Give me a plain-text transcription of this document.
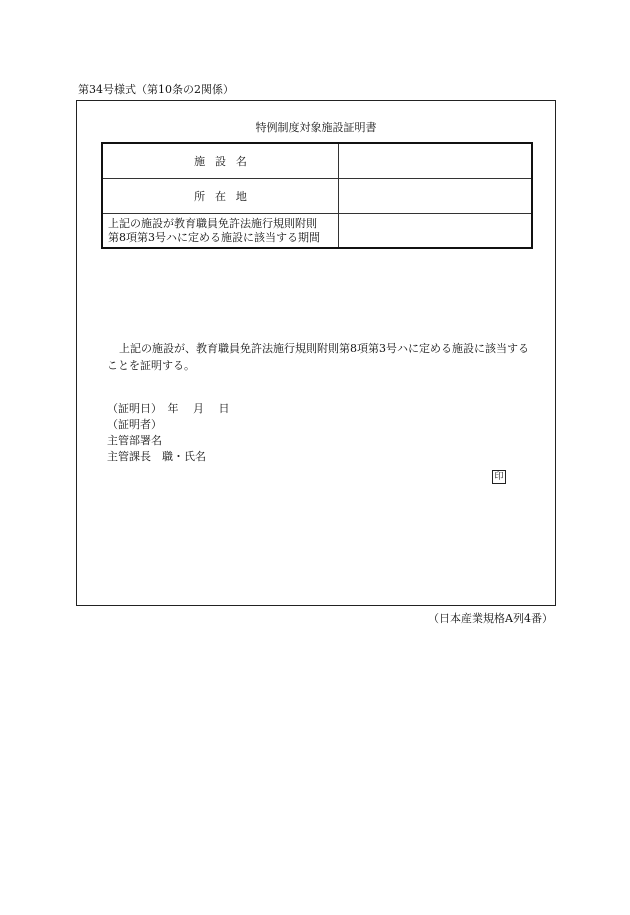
第34号様式（第10条の2関係）
特例制度対象施設証明書
施設名
所在地
上記の施設が教育職員免許法施行規則附則
第8項第3号ハに定める施設に該当する期間
上記の施設が、教育職員免許法施行規則附則第8項第3号ハに定める施設に該当することを証明する。
（証明日）　 年　 月　 日
（証明者）
主管部署名
主管課長　 職・氏名
印
（日本産業規格A列4番）
